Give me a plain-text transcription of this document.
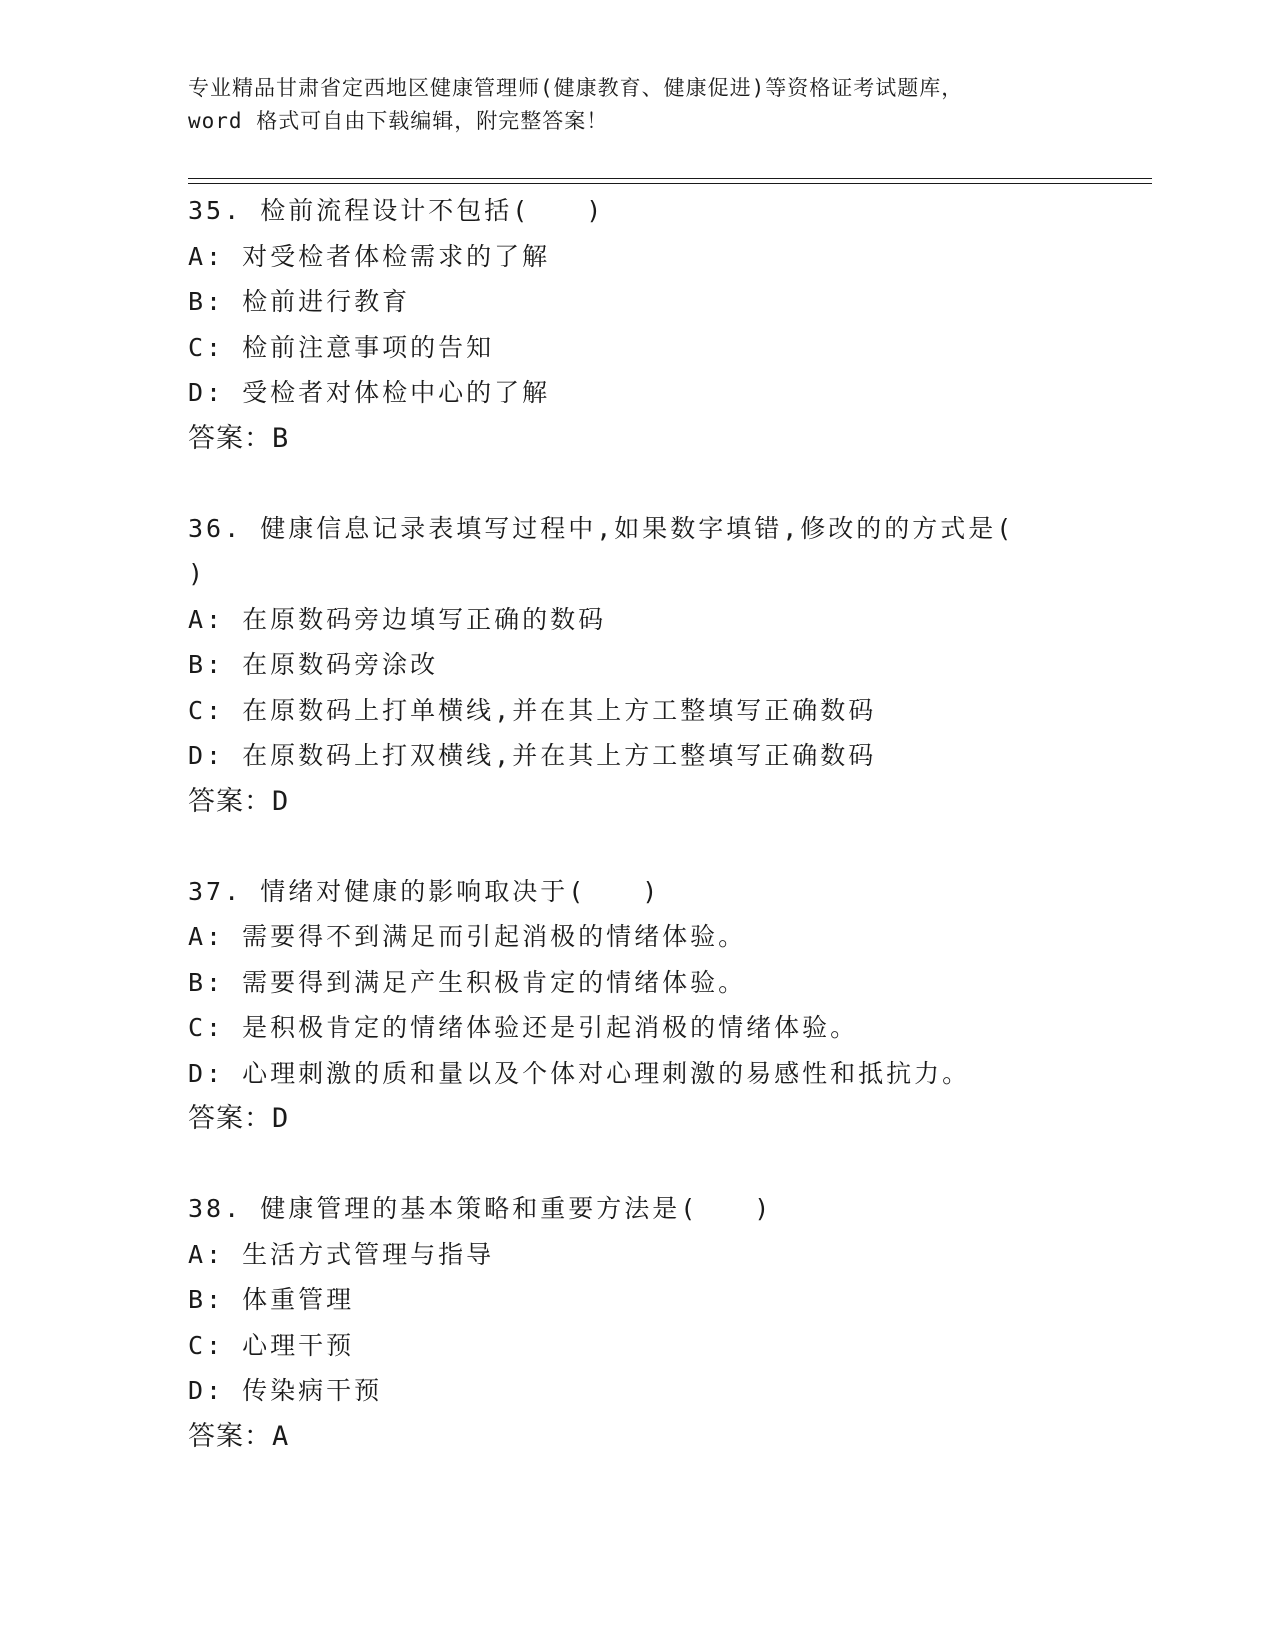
专业精品甘肃省定西地区健康管理师(健康教育、健康促进)等资格证考试题库，
word 格式可自由下载编辑，附完整答案！
35. 检前流程设计不包括(　　)
A: 对受检者体检需求的了解
B: 检前进行教育
C: 检前注意事项的告知
D: 受检者对体检中心的了解
答案：B
36. 健康信息记录表填写过程中,如果数字填错,修改的的方式是(
)
A: 在原数码旁边填写正确的数码
B: 在原数码旁涂改
C: 在原数码上打单横线,并在其上方工整填写正确数码
D: 在原数码上打双横线,并在其上方工整填写正确数码
答案：D
37. 情绪对健康的影响取决于(　　)
A: 需要得不到满足而引起消极的情绪体验。
B: 需要得到满足产生积极肯定的情绪体验。
C: 是积极肯定的情绪体验还是引起消极的情绪体验。
D: 心理刺激的质和量以及个体对心理刺激的易感性和抵抗力。
答案：D
38. 健康管理的基本策略和重要方法是(　　)
A: 生活方式管理与指导
B: 体重管理
C: 心理干预
D: 传染病干预
答案：A
